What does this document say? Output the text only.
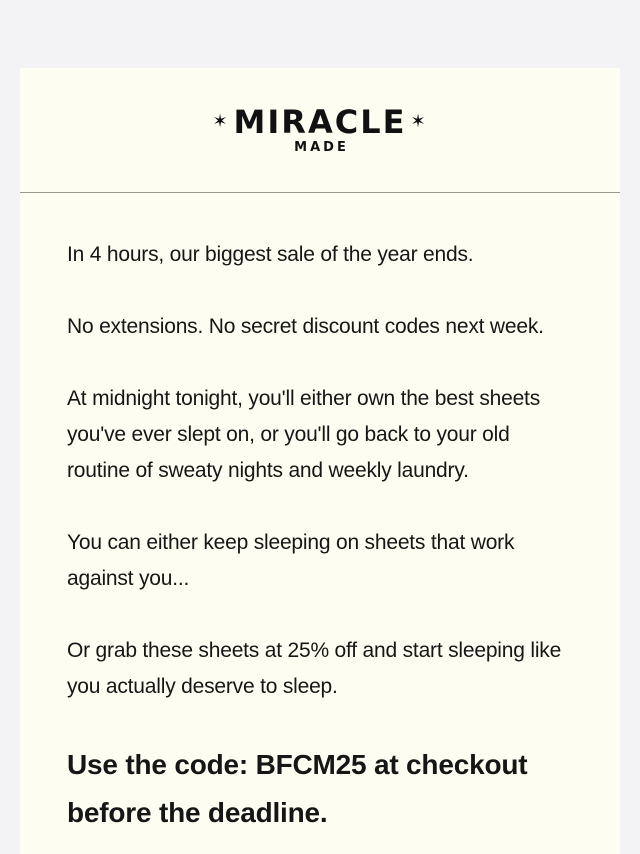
✶ MIRACLE ✶
MADE

In 4 hours, our biggest sale of the year ends.

No extensions. No secret discount codes next week.

At midnight tonight, you'll either own the best sheets you've ever slept on, or you'll go back to your old routine of sweaty nights and weekly laundry.

You can either keep sleeping on sheets that work against you...

Or grab these sheets at 25% off and start sleeping like you actually deserve to sleep.

Use the code: BFCM25 at checkout before the deadline.
